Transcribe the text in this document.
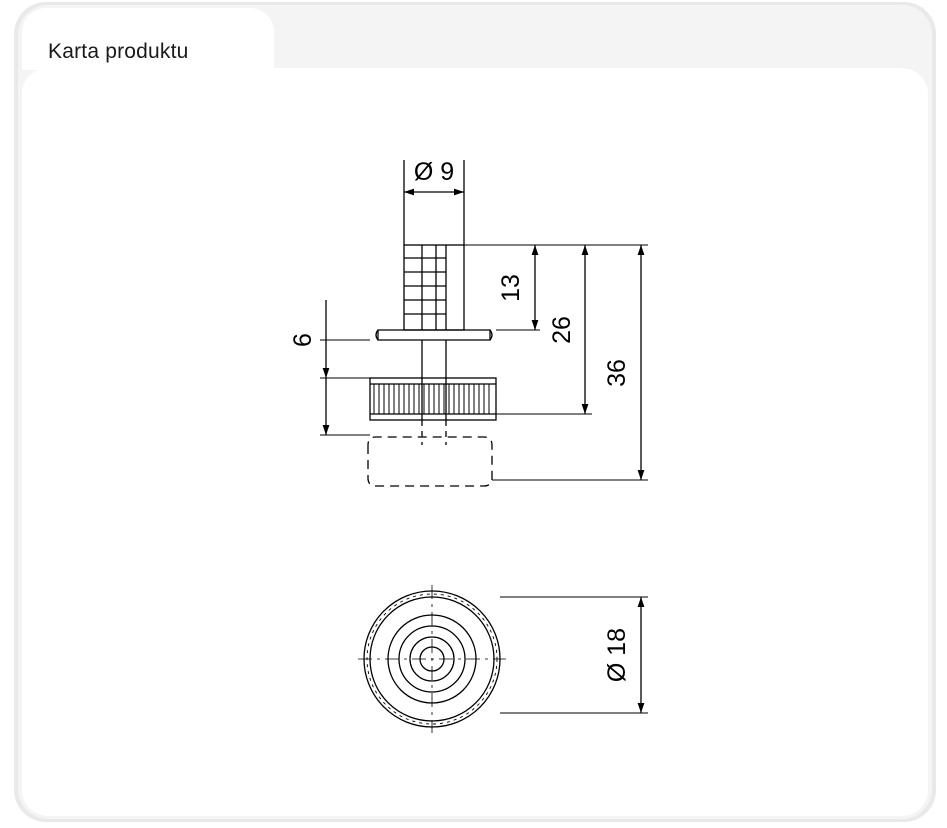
Karta produktu
Ø 9
13
26
36
6
Ø 18
